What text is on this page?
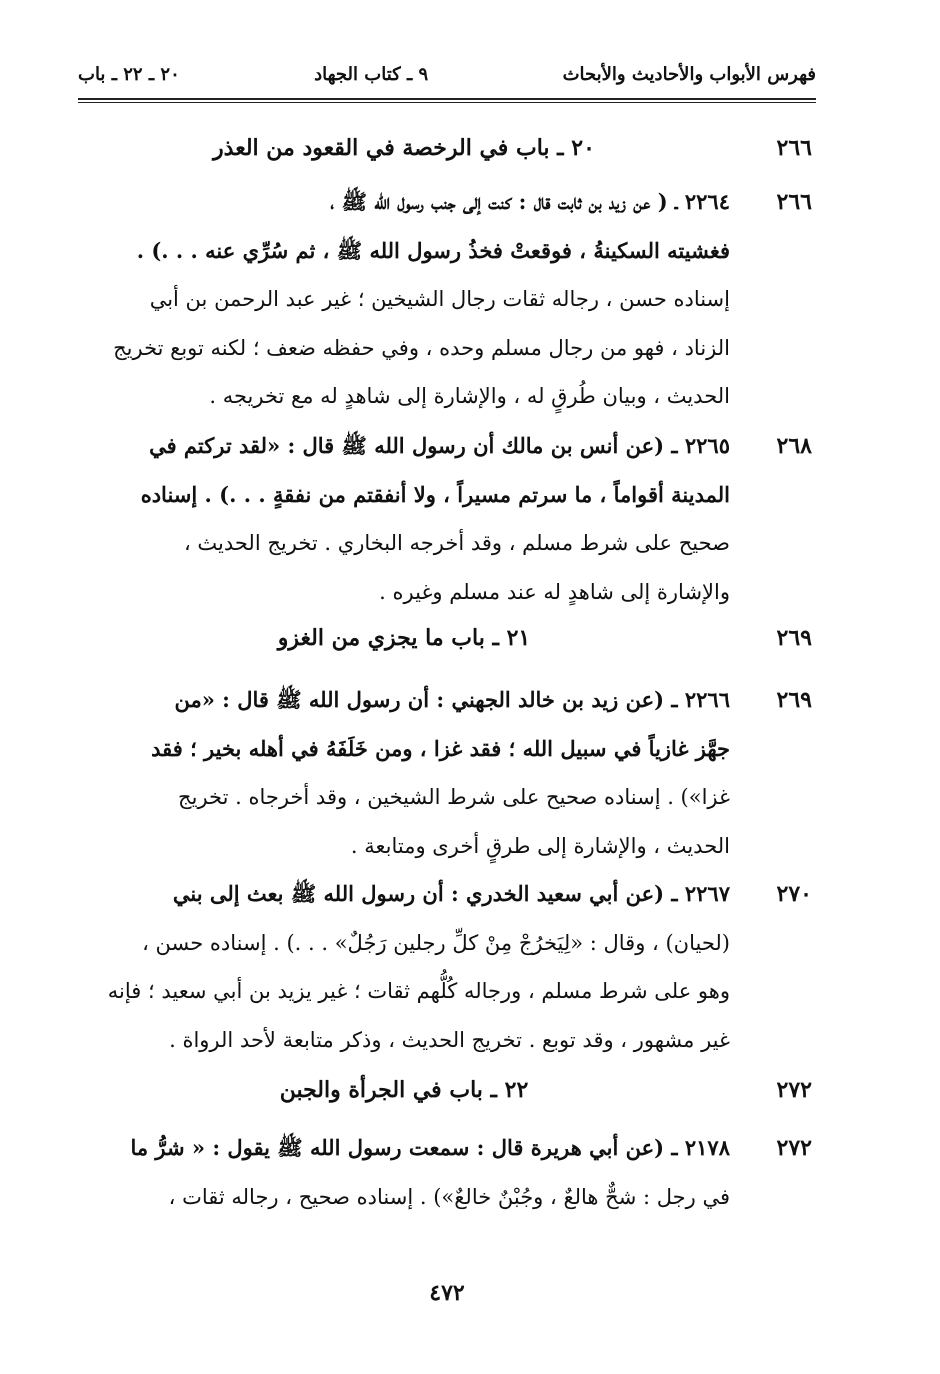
فهرس الأبواب والأحاديث والأبحاث
٩ ـ كتاب الجهاد
٢٠ ـ ٢٢ ـ باب
٢٦٦
٢٠ ـ باب في الرخصة في القعود من العذر
٢٦٦
٢٢٦٤ ـ ( عن زيد بن ثابت قال : كنت إلى جنب رسول الله ﷺ ،
فغشيته السكينةُ ، فوقعتْ فخذُ رسول الله ﷺ ، ثم سُرِّي عنه . . .) .
إسناده حسن ، رجاله ثقات رجال الشيخين ؛ غير عبد الرحمن بن أبي
الزناد ، فهو من رجال مسلم وحده ، وفي حفظه ضعف ؛ لكنه توبع تخريج
الحديث ، وبيان طُرقٍ له ، والإشارة إلى شاهدٍ له مع تخريجه .
٢٦٨
٢٢٦٥ ـ (عن أنس بن مالك أن رسول الله ﷺ قال : «لقد تركتم في
المدينة أقواماً ، ما سرتم مسيراً ، ولا أنفقتم من نفقةٍ . . .) . إسناده
صحيح على شرط مسلم ، وقد أخرجه البخاري . تخريج الحديث ،
والإشارة إلى شاهدٍ له عند مسلم وغيره .
٢٦٩
٢١ ـ باب ما يجزي من الغزو
٢٦٩
٢٢٦٦ ـ (عن زيد بن خالد الجهني : أن رسول الله ﷺ قال : «من
جهَّز غازياً في سبيل الله ؛ فقد غزا ، ومن خَلَفَهُ في أهله بخير ؛ فقد
غزا») . إسناده صحيح على شرط الشيخين ، وقد أخرجاه . تخريج
الحديث ، والإشارة إلى طرقٍ أخرى ومتابعة .
٢٧٠
٢٢٦٧ ـ (عن أبي سعيد الخدري : أن رسول الله ﷺ بعث إلى بني
(لحيان) ، وقال : «لِيَخرُجْ مِنْ كلِّ رجلين رَجُلٌ» . . .) . إسناده حسن ،
وهو على شرط مسلم ، ورجاله كُلُّهم ثقات ؛ غير يزيد بن أبي سعيد ؛ فإنه
غير مشهور ، وقد توبع . تخريج الحديث ، وذكر متابعة لأحد الرواة .
٢٧٢
٢٢ ـ باب في الجرأة والجبن
٢٧٢
٢١٧٨ ـ (عن أبي هريرة قال : سمعت رسول الله ﷺ يقول : « شرُّ ما
في رجل : شحٌّ هالعٌ ، وجُبْنٌ خالعٌ») . إسناده صحيح ، رجاله ثقات ،
٤٧٢
